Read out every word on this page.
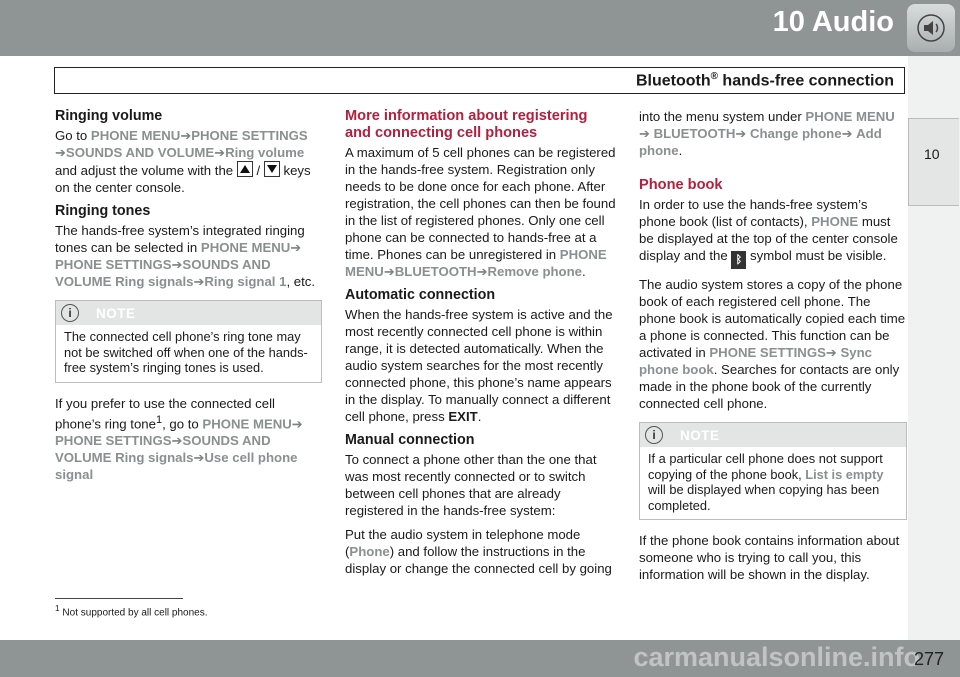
10 Audio
Bluetooth® hands-free connection
10
Ringing volume

Go to PHONE MENU➔PHONE SETTINGS
➔SOUNDS AND VOLUME➔Ring volume
and adjust the volume with the  /  keys on the center console.

Ringing tones

The hands-free system’s integrated ringing tones can be selected in PHONE MENU➔ PHONE SETTINGS➔SOUNDS AND VOLUME Ring signals➔Ring signal 1, etc.

i	NOTE
The connected cell phone’s ring tone may not be switched off when one of the hands-free system’s ringing tones is used.

If you prefer to use the connected cell phone’s ring tone$^1$, go to PHONE MENU➔ PHONE SETTINGS➔SOUNDS AND VOLUME Ring signals➔Use cell phone signal

More information about registering and connecting cell phones

A maximum of 5 cell phones can be registered in the hands-free system. Registration only needs to be done once for each phone. After registration, the cell phones can then be found in the list of registered phones. Only one cell phone can be connected to hands-free at a time. Phones can be unregistered in PHONE MENU➔BLUETOOTH➔Remove phone.

Automatic connection

When the hands-free system is active and the most recently connected cell phone is within range, it is detected automatically. When the audio system searches for the most recently connected phone, this phone’s name appears in the display. To manually connect a different cell phone, press EXIT.

Manual connection

To connect a phone other than the one that was most recently connected or to switch between cell phones that are already registered in the hands-free system:

Put the audio system in telephone mode (Phone) and follow the instructions in the display or change the connected cell by going

into the menu system under PHONE MENU
➔ BLUETOOTH➔ Change phone➔ Add phone.

Phone book

In order to use the hands-free system’s phone book (list of contacts), PHONE must be displayed at the top of the center console display and the ᛒ symbol must be visible.

The audio system stores a copy of the phone book of each registered cell phone. The phone book is automatically copied each time a phone is connected. This function can be activated in PHONE SETTINGS➔ Sync phone book. Searches for contacts are only made in the phone book of the currently connected cell phone.

i	NOTE
If a particular cell phone does not support copying of the phone book, List is empty will be displayed when copying has been completed.

If the phone book contains information about someone who is trying to call you, this information will be shown in the display.

$^1$ Not supported by all cell phones.
carmanualsonline.info
277
